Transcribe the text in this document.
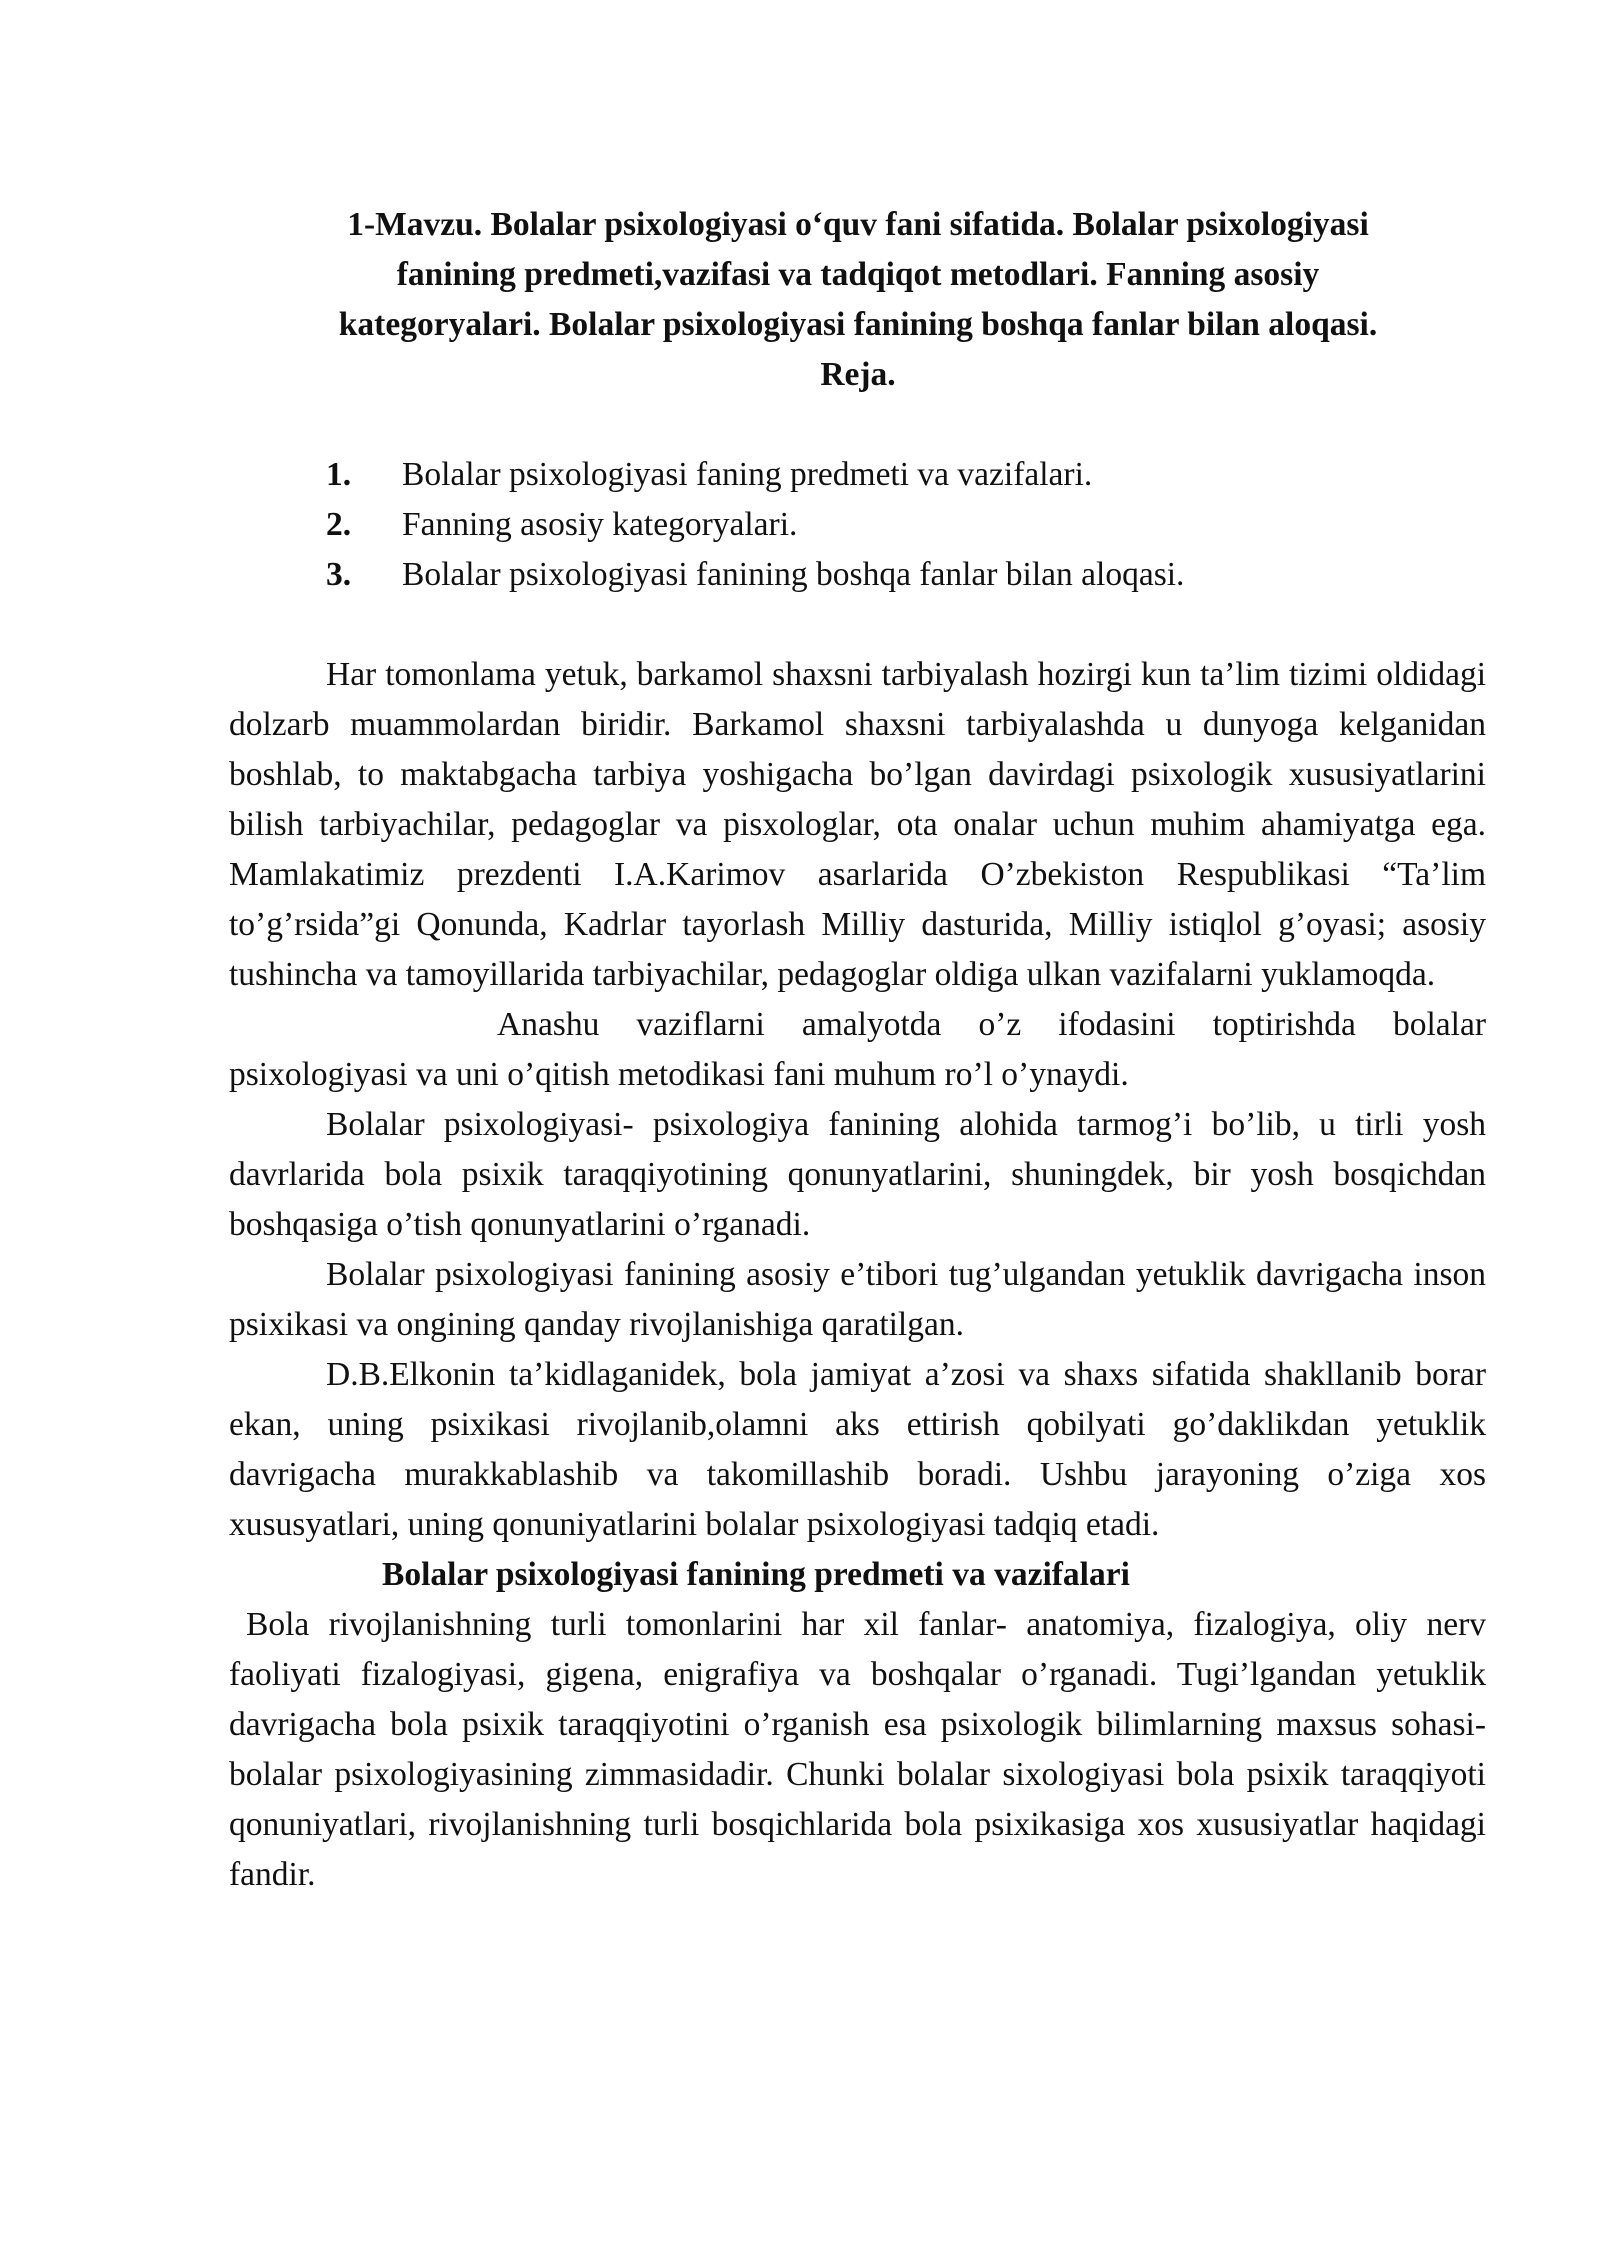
1-Mavzu. Bolalar psixologiyasi o‘quv fani sifatida. Bolalar psixologiyasi
fanining predmeti,vazifasi va tadqiqot metodlari. Fanning asosiy
kategoryalari. Bolalar psixologiyasi fanining boshqa fanlar bilan aloqasi.
Reja.
1. Bolalar psixologiyasi faning predmeti va vazifalari.
2. Fanning asosiy kategoryalari.
3. Bolalar psixologiyasi fanining boshqa fanlar bilan aloqasi.

Har tomonlama yetuk, barkamol shaxsni tarbiyalash hozirgi kun ta’lim tizimi oldidagi dolzarb muammolardan biridir. Barkamol shaxsni tarbiyalashda u dunyoga kelganidan boshlab, to maktabgacha tarbiya yoshigacha bo’lgan davirdagi psixologik xususiyatlarini bilish tarbiyachilar, pedagoglar va pisxologlar, ota onalar uchun muhim ahamiyatga ega. Mamlakatimiz prezdenti I.A.Karimov asarlarida O’zbekiston Respublikasi “Ta’lim to’g’rsida”gi Qonunda, Kadrlar tayorlash Milliy dasturida, Milliy istiqlol g’oyasi; asosiy tushincha va tamoyillarida tarbiyachilar, pedagoglar oldiga ulkan vazifalarni yuklamoqda.

Anashu vaziflarni amalyotda o’z ifodasini toptirishda bolalar psixologiyasi va uni o’qitish metodikasi fani muhum ro’l o’ynaydi.

Bolalar psixologiyasi- psixologiya fanining alohida tarmog’i bo’lib, u tirli yosh davrlarida bola psixik taraqqiyotining qonunyatlarini, shuningdek, bir yosh bosqichdan boshqasiga o’tish qonunyatlarini o’rganadi.

Bolalar psixologiyasi fanining asosiy e’tibori tug’ulgandan yetuklik davrigacha inson psixikasi va ongining qanday rivojlanishiga qaratilgan.

D.B.Elkonin ta’kidlaganidek, bola jamiyat a’zosi va shaxs sifatida shakllanib borar ekan, uning psixikasi rivojlanib,olamni aks ettirish qobilyati go’daklikdan yetuklik davrigacha murakkablashib va takomillashib boradi. Ushbu jarayoning o’ziga xos xususyatlari, uning qonuniyatlarini bolalar psixologiyasi tadqiq etadi.

Bolalar psixologiyasi fanining predmeti va vazifalari

Bola rivojlanishning turli tomonlarini har xil fanlar- anatomiya, fizalogiya, oliy nerv faoliyati fizalogiyasi, gigena, enigrafiya va boshqalar o’rganadi. Tugi’lgandan yetuklik davrigacha bola psixik taraqqiyotini o’rganish esa psixologik bilimlarning maxsus sohasi-bolalar psixologiyasining zimmasidadir. Chunki bolalar sixologiyasi bola psixik taraqqiyoti qonuniyatlari, rivojlanishning turli bosqichlarida bola psixikasiga xos xususiyatlar haqidagi fandir.
